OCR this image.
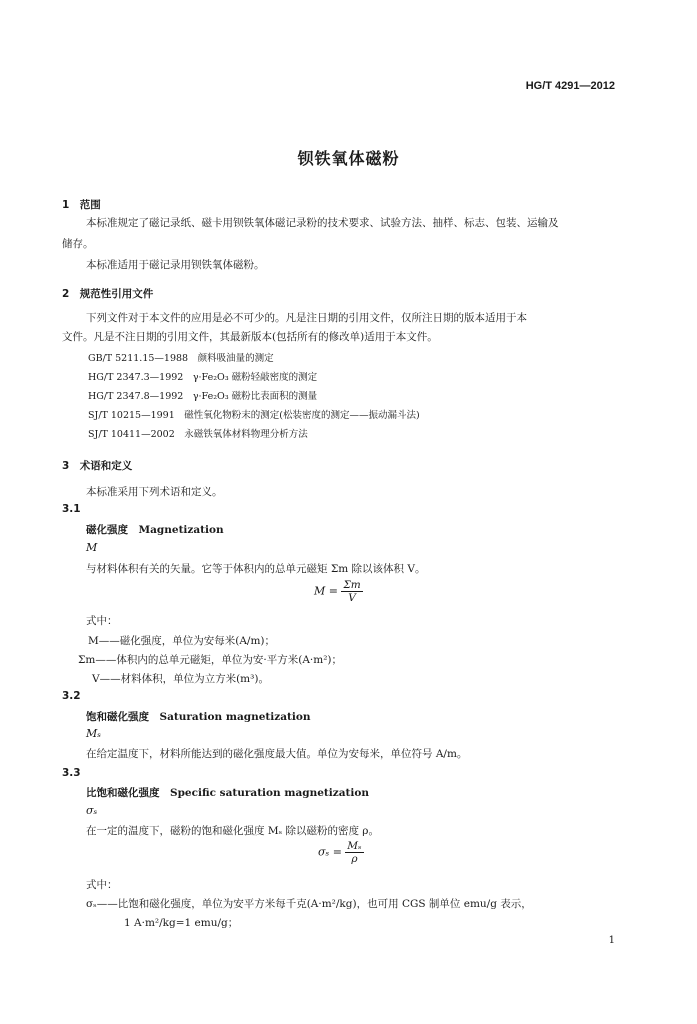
HG/T 4291—2012
钡铁氧体磁粉
1　范围
本标准规定了磁记录纸、磁卡用钡铁氧体磁记录粉的技术要求、试验方法、抽样、标志、包装、运输及
储存。
本标准适用于磁记录用钡铁氧体磁粉。
2　规范性引用文件
下列文件对于本文件的应用是必不可少的。凡是注日期的引用文件，仅所注日期的版本适用于本
文件。凡是不注日期的引用文件，其最新版本(包括所有的修改单)适用于本文件。
GB/T 5211.15—1988　颜料吸油量的测定
HG/T 2347.3—1992　γ·Fe₂O₃ 磁粉轻敲密度的测定
HG/T 2347.8—1992　γ·Fe₂O₃ 磁粉比表面积的测量
SJ/T 10215—1991　磁性氧化物粉末的测定(松装密度的测定——振动漏斗法)
SJ/T 10411—2002　永磁铁氧体材料物理分析方法
3　术语和定义
本标准采用下列术语和定义。
3.1
磁化强度　Magnetization
M
与材料体积有关的矢量。它等于体积内的总单元磁矩 Σm 除以该体积 V。
$M = \frac{\Sigma m}{V}$
式中：
M——磁化强度，单位为安每米(A/m)；
Σm——体积内的总单元磁矩，单位为安·平方米(A·m²)；
V——材料体积，单位为立方米(m³)。
3.2
饱和磁化强度　Saturation magnetization
Mₛ
在给定温度下，材料所能达到的磁化强度最大值。单位为安每米，单位符号 A/m。
3.3
比饱和磁化强度　Specific saturation magnetization
σₛ
在一定的温度下，磁粉的饱和磁化强度 Mₛ 除以磁粉的密度 ρ。
$\sigma_s = \frac{\text{Mₛ}}{\rho}$
式中：
σₛ——比饱和磁化强度，单位为安平方米每千克(A·m²/kg)，也可用 CGS 制单位 emu/g 表示，
1 A·m²/kg=1 emu/g；
1
